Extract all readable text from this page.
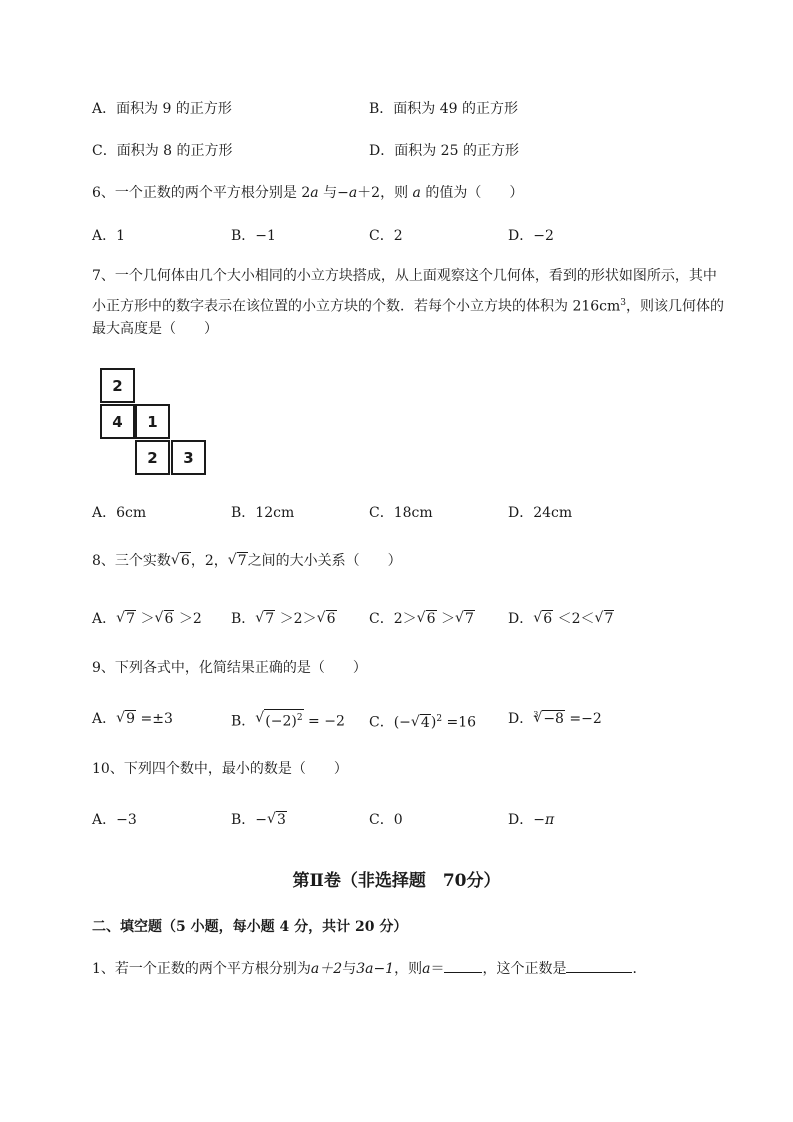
A．面积为 9 的正方形	B．面积为 49 的正方形
C．面积为 8 的正方形	D．面积为 25 的正方形
6、一个正数的两个平方根分别是 2a 与−a＋2，则 a 的值为（　　）
A．1	B．−1	C．2	D．−2
7、一个几何体由几个大小相同的小立方块搭成，从上面观察这个几何体，看到的形状如图所示，其中
小正方形中的数字表示在该位置的小立方块的个数．若每个小立方块的体积为 $216cm^3$，则该几何体的
最大高度是（　　）
2
4	1
2	3
A．6cm	B．12cm	C．18cm	D．24cm
8、三个实数 √ 6，2， √ 7之间的大小关系（　　）
A． √ 7 ＞ √ 6 ＞2 B． √ 7 ＞2＞ √ 6 C．2＞ √ 6 ＞ √ 7 D． √ 6 ＜2＜ √ 7
9、下列各式中，化简结果正确的是（　　）
A． √ 9 =±3	B． √ $(-2)^2 = -2$ C．(− √ 4)$^2$ =16 D．$^3$ √ −8 =−2
10、下列四个数中，最小的数是（　　）
A．−3	B．− √ 3	C．0	D．−π
第Ⅱ卷（非选择题　70分）
二、填空题（5 小题，每小题 4 分，共计 20 分）
1、若一个正数的两个平方根分别为a＋2与3a−1，则a＝	，这个正数是	．
